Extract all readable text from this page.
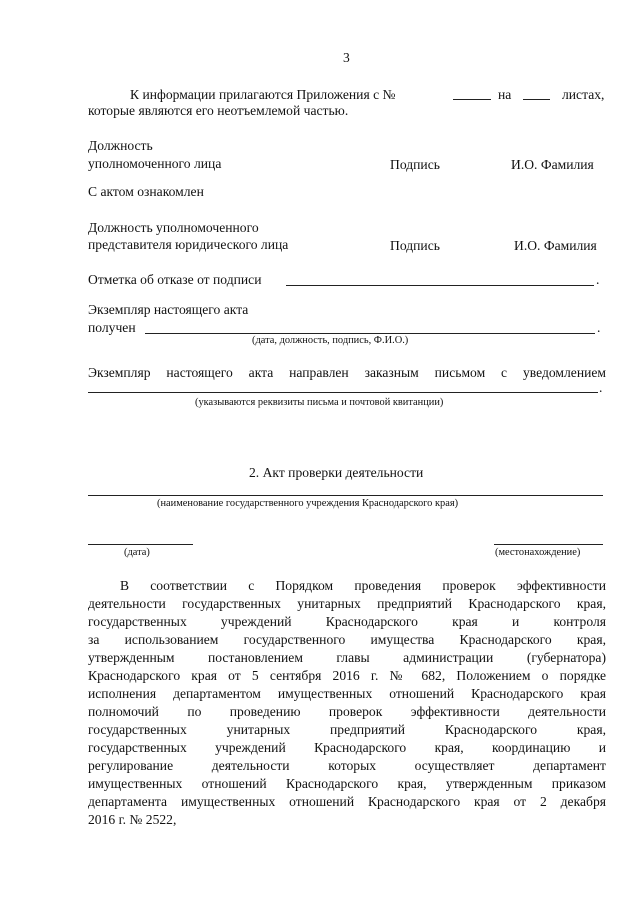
3
К информации прилагаются Приложения с №	на	листах,
которые являются его неотъемлемой частью.
Должность
уполномоченного лица	Подпись	И.О. Фамилия
С актом ознакомлен
Должность уполномоченного
представителя юридического лица	Подпись	И.О. Фамилия
Отметка об отказе от подписи	.
Экземпляр настоящего акта
получен	.
(дата, должность, подпись, Ф.И.О.)
Экземпляр настоящего акта направлен заказным письмом с уведомлением
.
(указываются реквизиты письма и почтовой квитанции)
2. Акт проверки деятельности
(наименование государственного учреждения Краснодарского края)
(дата)	(местонахождение)
В соответствии с Порядком проведения проверок эффективности
деятельности государственных унитарных предприятий Краснодарского края,
государственных учреждений Краснодарского края и контроля
за использованием государственного имущества Краснодарского края,
утвержденным постановлением главы администрации (губернатора)
Краснодарского края от 5 сентября 2016 г. № 682, Положением о порядке
исполнения департаментом имущественных отношений Краснодарского края
полномочий по проведению проверок эффективности деятельности
государственных унитарных предприятий Краснодарского края,
государственных учреждений Краснодарского края, координацию и
регулирование деятельности которых осуществляет департамент
имущественных отношений Краснодарского края, утвержденным приказом
департамента имущественных отношений Краснодарского края от 2 декабря
2016 г. № 2522,
